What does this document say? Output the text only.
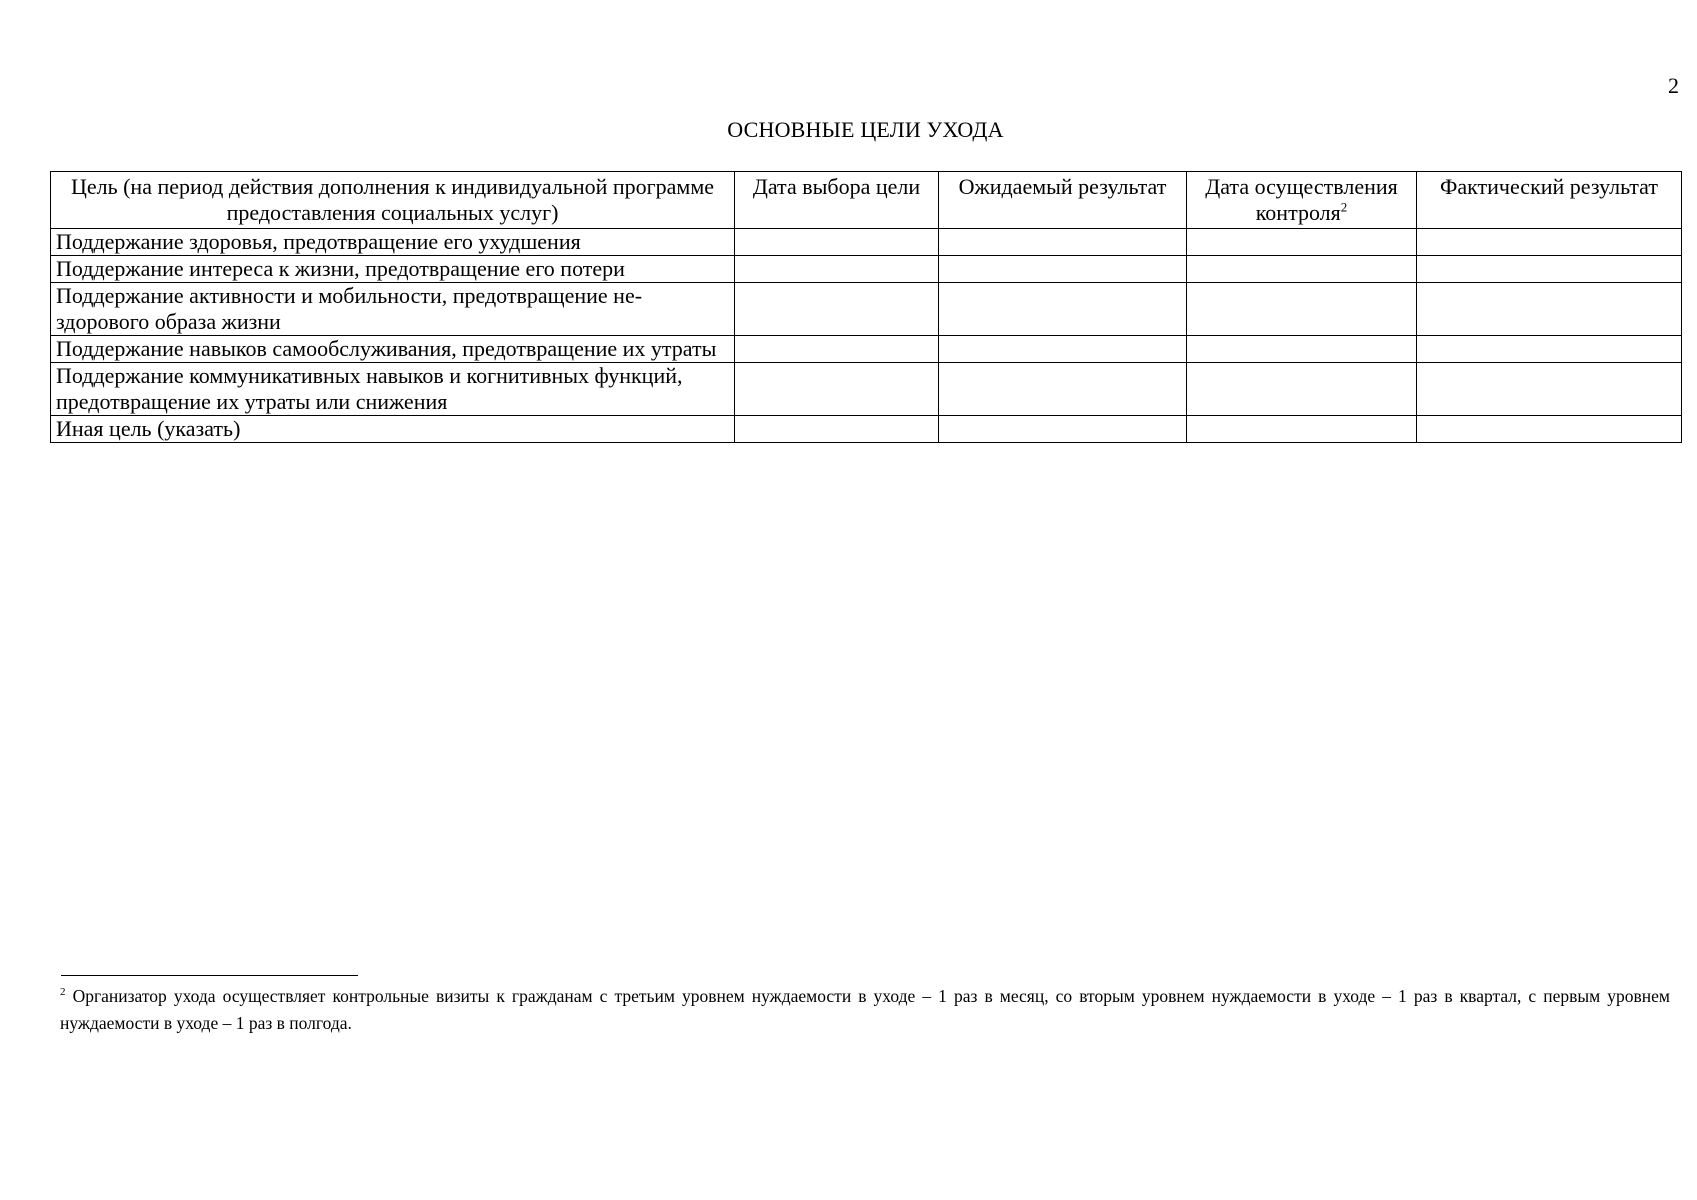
2
ОСНОВНЫЕ ЦЕЛИ УХОДА
Цель (на период действия дополнения к индивидуальной программе предоставления социальных услуг)	Дата выбора цели	Ожидаемый результат	Дата осуществления контроля$^2$	Фактический результат
Поддержание здоровья, предотвращение его ухудшения				
Поддержание интереса к жизни, предотвращение его потери				
Поддержание активности и мобильности, предотвращение не-здорового образа жизни				
Поддержание навыков самообслуживания, предотвращение их утраты				
Поддержание коммуникативных навыков и когнитивных функций, предотвращение их утраты или снижения				
Иная цель (указать)				
$^2$ Организатор ухода осуществляет контрольные визиты к гражданам с третьим уровнем нуждаемости в уходе – 1 раз в месяц, со вторым уровнем нуждаемости в уходе – 1 раз в квартал, с первым уровнем нуждаемости в уходе – 1 раз в полгода.
